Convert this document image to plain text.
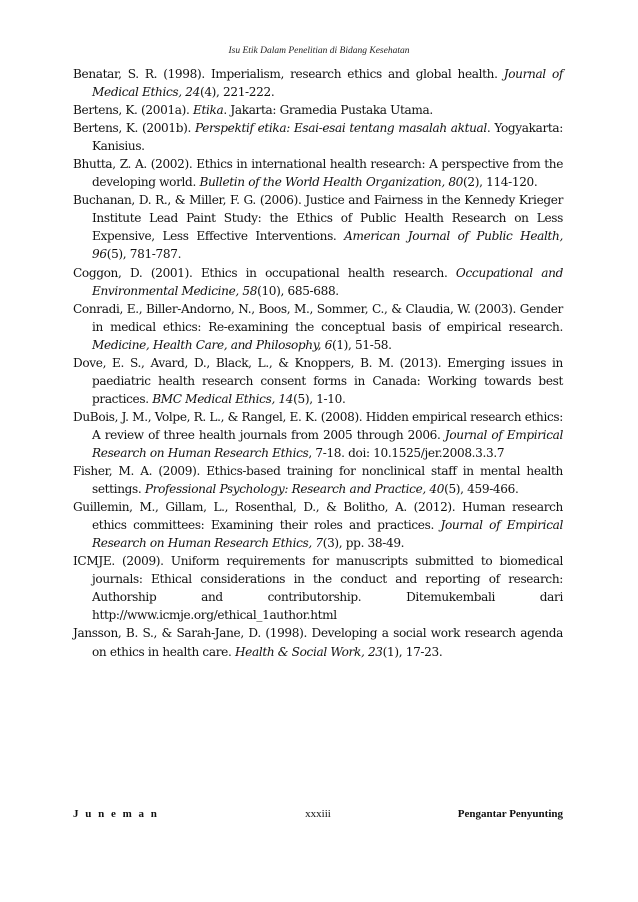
Isu Etik Dalam Penelitian di Bidang Kesehatan
Benatar, S. R. (1998). Imperialism, research ethics and global health. Journal of Medical Ethics, 24(4), 221-222.
Bertens, K. (2001a). Etika. Jakarta: Gramedia Pustaka Utama.
Bertens, K. (2001b). Perspektif etika: Esai-esai tentang masalah aktual. Yogyakarta: Kanisius.
Bhutta, Z. A. (2002). Ethics in international health research: A perspective from the developing world. Bulletin of the World Health Organization, 80(2), 114-120.
Buchanan, D. R., & Miller, F. G. (2006). Justice and Fairness in the Kennedy Krieger Institute Lead Paint Study: the Ethics of Public Health Research on Less Expensive, Less Effective Interventions. American Journal of Public Health, 96(5), 781-787.
Coggon, D. (2001). Ethics in occupational health research. Occupational and Environmental Medicine, 58(10), 685-688.
Conradi, E., Biller-Andorno, N., Boos, M., Sommer, C., & Claudia, W. (2003). Gender in medical ethics: Re-examining the conceptual basis of empirical research. Medicine, Health Care, and Philosophy, 6(1), 51-58.
Dove, E. S., Avard, D., Black, L., & Knoppers, B. M. (2013). Emerging issues in paediatric health research consent forms in Canada: Working towards best practices. BMC Medical Ethics, 14(5), 1-10.
DuBois, J. M., Volpe, R. L., & Rangel, E. K. (2008). Hidden empirical research ethics: A review of three health journals from 2005 through 2006. Journal of Empirical Research on Human Research Ethics, 7-18. doi: 10.1525/jer.2008.3.3.7
Fisher, M. A. (2009). Ethics-based training for nonclinical staff in mental health settings. Professional Psychology: Research and Practice, 40(5), 459-466.
Guillemin, M., Gillam, L., Rosenthal, D., & Bolitho, A. (2012). Human research ethics committees: Examining their roles and practices. Journal of Empirical Research on Human Research Ethics, 7(3), pp. 38-49.
ICMJE. (2009). Uniform requirements for manuscripts submitted to biomedical journals: Ethical considerations in the conduct and reporting of research: Authorship and contributorship. Ditemukembali dari http://www.icmje.org/ethical_1author.html
Jansson, B. S., & Sarah-Jane, D. (1998). Developing a social work research agenda on ethics in health care. Health & Social Work, 23(1), 17-23.
J u n e m a n	xxxiii	Pengantar Penyunting
